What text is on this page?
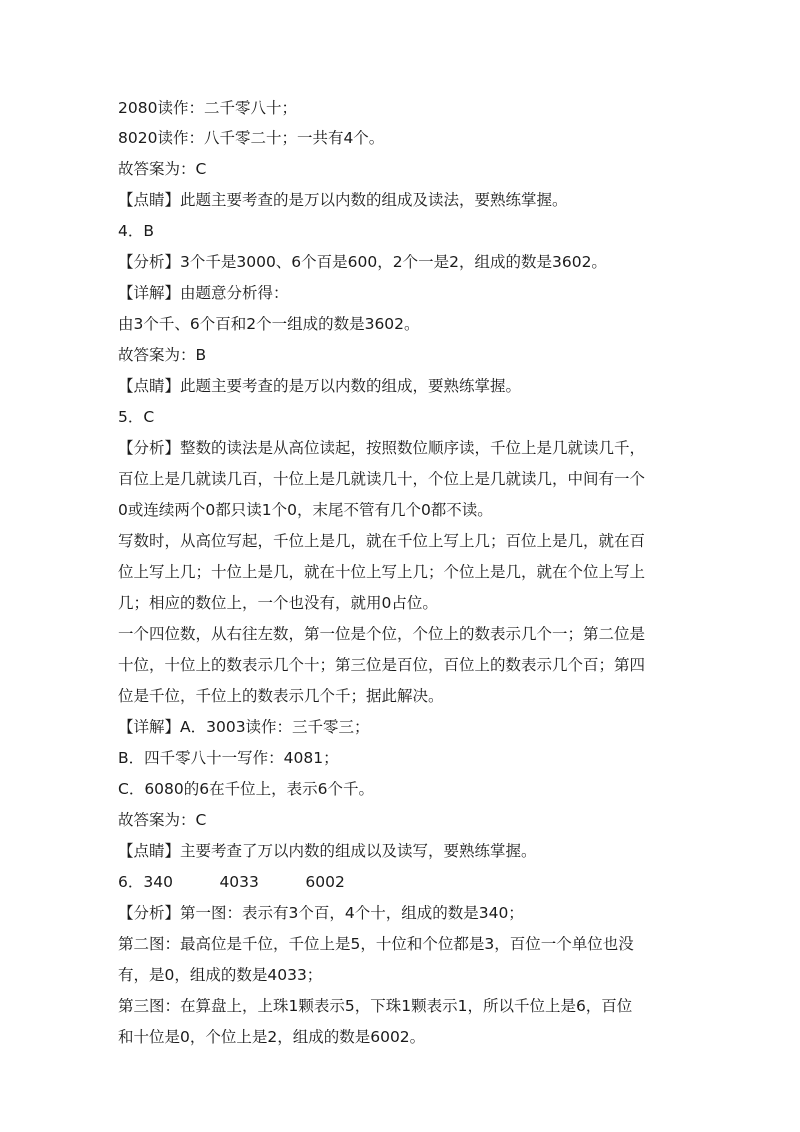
2080读作：二千零八十；
8020读作：八千零二十；一共有4个。
故答案为：C
【点睛】此题主要考查的是万以内数的组成及读法，要熟练掌握。
4．B
【分析】3个千是3000、6个百是600，2个一是2，组成的数是3602。
【详解】由题意分析得：
由3个千、6个百和2个一组成的数是3602。
故答案为：B
【点睛】此题主要考查的是万以内数的组成，要熟练掌握。
5．C
【分析】整数的读法是从高位读起，按照数位顺序读，千位上是几就读几千，
百位上是几就读几百，十位上是几就读几十，个位上是几就读几，中间有一个
0或连续两个0都只读1个0，末尾不管有几个0都不读。
写数时，从高位写起，千位上是几，就在千位上写上几；百位上是几，就在百
位上写上几；十位上是几，就在十位上写上几；个位上是几，就在个位上写上
几；相应的数位上，一个也没有，就用0占位。
一个四位数，从右往左数，第一位是个位，个位上的数表示几个一；第二位是
十位，十位上的数表示几个十；第三位是百位，百位上的数表示几个百；第四
位是千位，千位上的数表示几个千；据此解决。
【详解】A．3003读作：三千零三；
B．四千零八十一写作：4081；
C．6080的6在千位上，表示6个千。
故答案为：C
【点睛】主要考查了万以内数的组成以及读写，要熟练掌握。
6．340　　　4033　　　6002
【分析】第一图：表示有3个百，4个十，组成的数是340；
第二图：最高位是千位，千位上是5，十位和个位都是3，百位一个单位也没
有，是0，组成的数是4033；
第三图：在算盘上，上珠1颗表示5，下珠1颗表示1，所以千位上是6，百位
和十位是0，个位上是2，组成的数是6002。
